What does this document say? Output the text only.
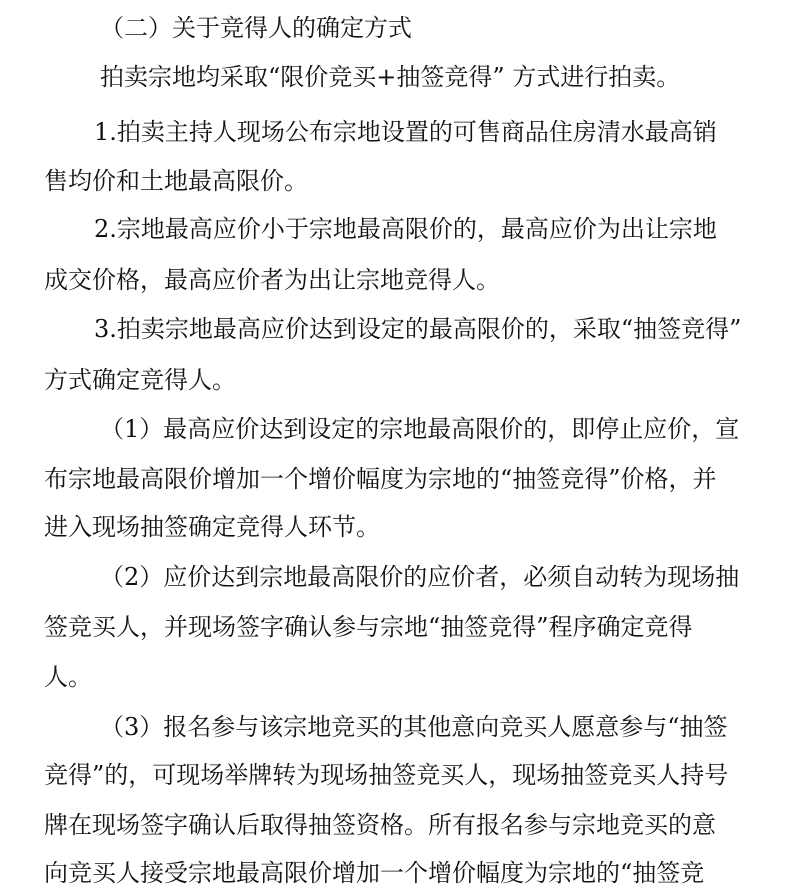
（二）关于竞得人的确定方式
拍卖宗地均采取“限价竞买+抽签竞得” 方式进行拍卖。
1.拍卖主持人现场公布宗地设置的可售商品住房清水最高销
售均价和土地最高限价。
2.宗地最高应价小于宗地最高限价的，最高应价为出让宗地
成交价格，最高应价者为出让宗地竞得人。
3.拍卖宗地最高应价达到设定的最高限价的，采取“抽签竞得”
方式确定竞得人。
（1）最高应价达到设定的宗地最高限价的，即停止应价，宣
布宗地最高限价增加一个增价幅度为宗地的“抽签竞得”价格，并
进入现场抽签确定竞得人环节。
（2）应价达到宗地最高限价的应价者，必须自动转为现场抽
签竞买人，并现场签字确认参与宗地“抽签竞得”程序确定竞得
人。
（3）报名参与该宗地竞买的其他意向竞买人愿意参与“抽签
竞得”的，可现场举牌转为现场抽签竞买人，现场抽签竞买人持号
牌在现场签字确认后取得抽签资格。所有报名参与宗地竞买的意
向竞买人接受宗地最高限价增加一个增价幅度为宗地的“抽签竞
